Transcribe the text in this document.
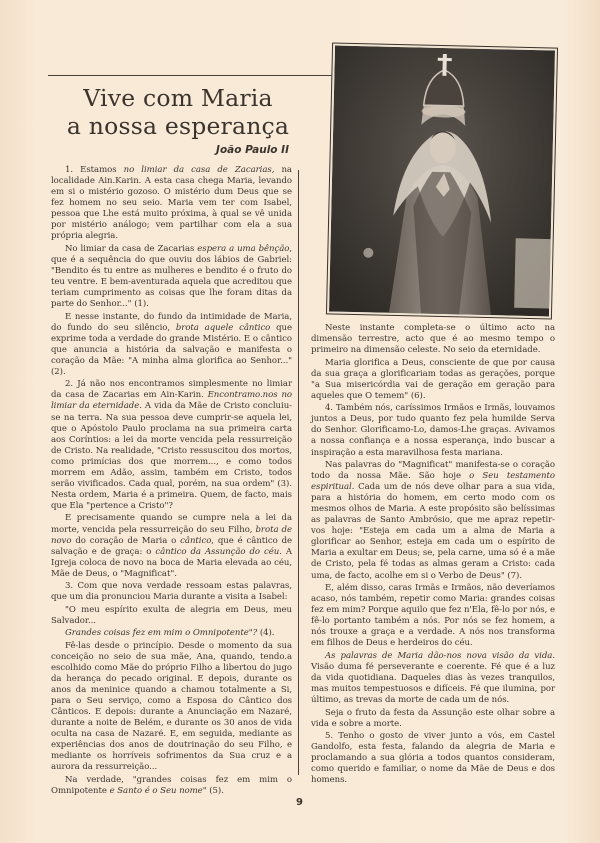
Vive com Maria
a nossa esperança
João Paulo II

1. Estamos no limiar da casa de Zacarias, na localidade Ain.Karin. A esta casa chega Maria, levando em si o mistério gozoso. O mistério dum Deus que se fez homem no seu seio. Maria vem ter com Isabel, pessoa que Lhe está muito próxima, à qual se vê unida por mistério análogo; vem partilhar com ela a sua própria alegria.

No limiar da casa de Zacarias espera a uma bênção, que é a sequência do que ouviu dos lábios de Gabriel: "Bendito és tu entre as mulheres e bendito é o fruto do teu ventre. E bem-aventurada aquela que acreditou que teriam cumprimento as coisas que lhe foram ditas da parte do Senhor..." (1).

E nesse instante, do fundo da intimidade de Maria, do fundo do seu silêncio, brota aquele cântico que exprime toda a verdade do grande Mistério. E o cântico que anuncia a história da salvação e manifesta o coração da Mãe: "A minha alma glorifica ao Senhor..." (2).

2. Já não nos encontramos simplesmente no limiar da casa de Zacarias em Ain-Karin. Encontramo.nos no limiar da eternidade. A vida da Mãe de Cristo concluiu-se na terra. Na sua pessoa deve cumprir-se aquela lei, que o Apóstolo Paulo proclama na sua primeira carta aos Coríntios: a lei da morte vencida pela ressurreição de Cristo. Na realidade, "Cristo ressuscitou dos mortos, como primícias dos que morrem..., e como todos morrem em Adão, assim, também em Cristo, todos serão vivificados. Cada qual, porém, na sua ordem" (3). Nesta ordem, Maria é a primeira. Quem, de facto, mais que Ela "pertence a Cristo"?

E precisamente quando se cumpre nela a lei da morte, vencida pela ressurreição do seu Filho, brota de novo do coração de Maria o cântico, que é cântico de salvação e de graça: o cântico da Assunção do céu. A Igreja coloca de novo na boca de Maria elevada ao céu, Mãe de Deus, o "Magnificat".

3. Com que nova verdade ressoam estas palavras, que um dia pronunciou Maria durante a visita a Isabel:

"O meu espírito exulta de alegria em Deus, meu Salvador...

Grandes coisas fez em mim o Omnipotente"? (4).

Fê-las desde o princípio. Desde o momento da sua conceição no seio de sua mãe, Ana, quando, tendo.a escolhido como Mãe do próprio Filho a libertou do jugo da herança do pecado original. E depois, durante os anos da meninice quando a chamou totalmente a Si, para o Seu serviço, como a Esposa do Cântico dos Cânticos. E depois: durante a Anunciação em Nazaré, durante a noite de Belém, e durante os 30 anos de vida oculta na casa de Nazaré. E, em seguida, mediante as experiências dos anos de doutrinação do seu Filho, e mediante os horríveis sofrimentos da Sua cruz e a aurora da ressurreição...

Na verdade, "grandes coisas fez em mim o Omnipotente e Santo é o Seu nome" (5).

Neste instante completa-se o último acto na dimensão terrestre, acto que é ao mesmo tempo o primeiro na dimensão celeste. No seio da eternidade.

Maria glorifica a Deus, consciente de que por causa da sua graça a glorificariam todas as gerações, porque "a Sua misericórdia vai de geração em geração para aqueles que O temem" (6).

4. Também nós, caríssimos Irmãos e Irmãs, louvamos juntos a Deus, por tudo quanto fez pela humilde Serva do Senhor. Glorificamo-Lo, damos-Lhe graças. Avivamos a nossa confiança e a nossa esperança, indo buscar a inspiração a esta maravilhosa festa mariana.

Nas palavras do "Magnificat" manifesta-se o coração todo da nossa Mãe. São hoje o Seu testamento espiritual. Cada um de nós deve olhar para a sua vida, para a história do homem, em certo modo com os mesmos olhos de Maria. A este propósito são belíssimas as palavras de Santo Ambrósio, que me apraz repetir-vos hoje: "Esteja em cada um a alma de Maria a glorificar ao Senhor, esteja em cada um o espírito de Maria a exultar em Deus; se, pela carne, uma só é a mãe de Cristo, pela fé todas as almas geram a Cristo: cada uma, de facto, acolhe em si o Verbo de Deus" (7).

E, além disso, caras Irmãs e Irmãos, não deveríamos acaso, nós também, repetir como Maria: grandes coisas fez em mim? Porque aquilo que fez n'Ela, fê-lo por nós, e fê-lo portanto também a nós. Por nós se fez homem, a nós trouxe a graça e a verdade. A nós nos transforma em filhos de Deus e herdeiros do céu.

As palavras de Maria dão-nos nova visão da vida. Visão duma fé perseverante e coerente. Fé que é a luz da vida quotidiana. Daqueles dias às vezes tranquilos, mas muitos tempestuosos e difíceis. Fé que ilumina, por último, as trevas da morte de cada um de nós.

Seja o fruto da festa da Assunção este olhar sobre a vida e sobre a morte.

5. Tenho o gosto de viver junto a vós, em Castel Gandolfo, esta festa, falando da alegria de Maria e proclamando a sua glória a todos quantos consideram, como querido e familiar, o nome da Mãe de Deus e dos homens.

9
